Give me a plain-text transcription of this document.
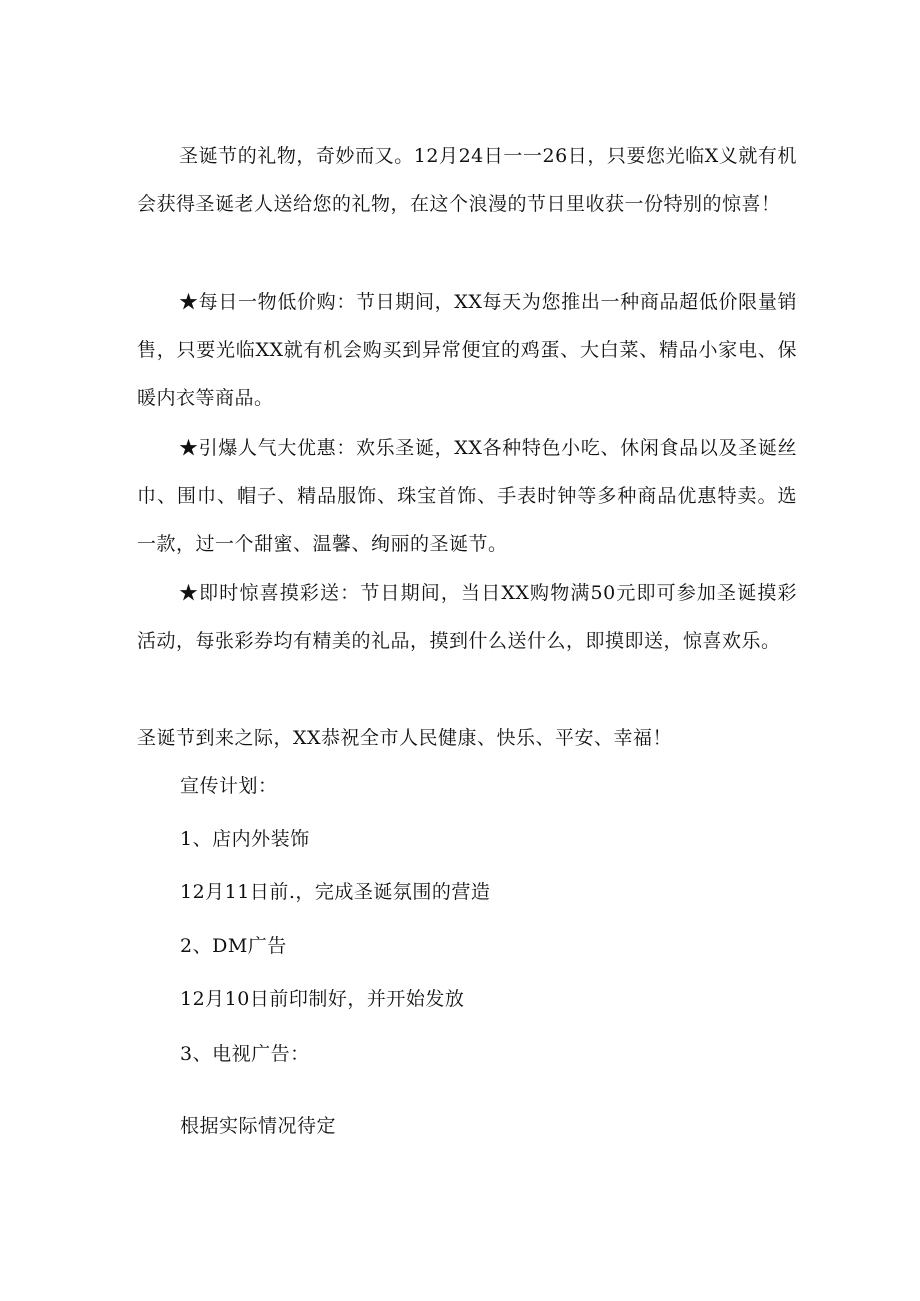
圣诞节的礼物，奇妙而又。12月24日一一26日，只要您光临X义就有机会获得圣诞老人送给您的礼物，在这个浪漫的节日里收获一份特别的惊喜！

★每日一物低价购：节日期间，XX每天为您推出一种商品超低价限量销售，只要光临XX就有机会购买到异常便宜的鸡蛋、大白菜、精品小家电、保暖内衣等商品。

★引爆人气大优惠：欢乐圣诞，XX各种特色小吃、休闲食品以及圣诞丝巾、围巾、帽子、精品服饰、珠宝首饰、手表时钟等多种商品优惠特卖。选一款，过一个甜蜜、温馨、绚丽的圣诞节。

★即时惊喜摸彩送：节日期间，当日XX购物满50元即可参加圣诞摸彩活动，每张彩券均有精美的礼品，摸到什么送什么，即摸即送，惊喜欢乐。

圣诞节到来之际，XX恭祝全市人民健康、快乐、平安、幸福！

宣传计划：

1、店内外装饰

12月11日前.，完成圣诞氛围的营造

2、DM广告

12月10日前印制好，并开始发放

3、电视广告：

根据实际情况待定
